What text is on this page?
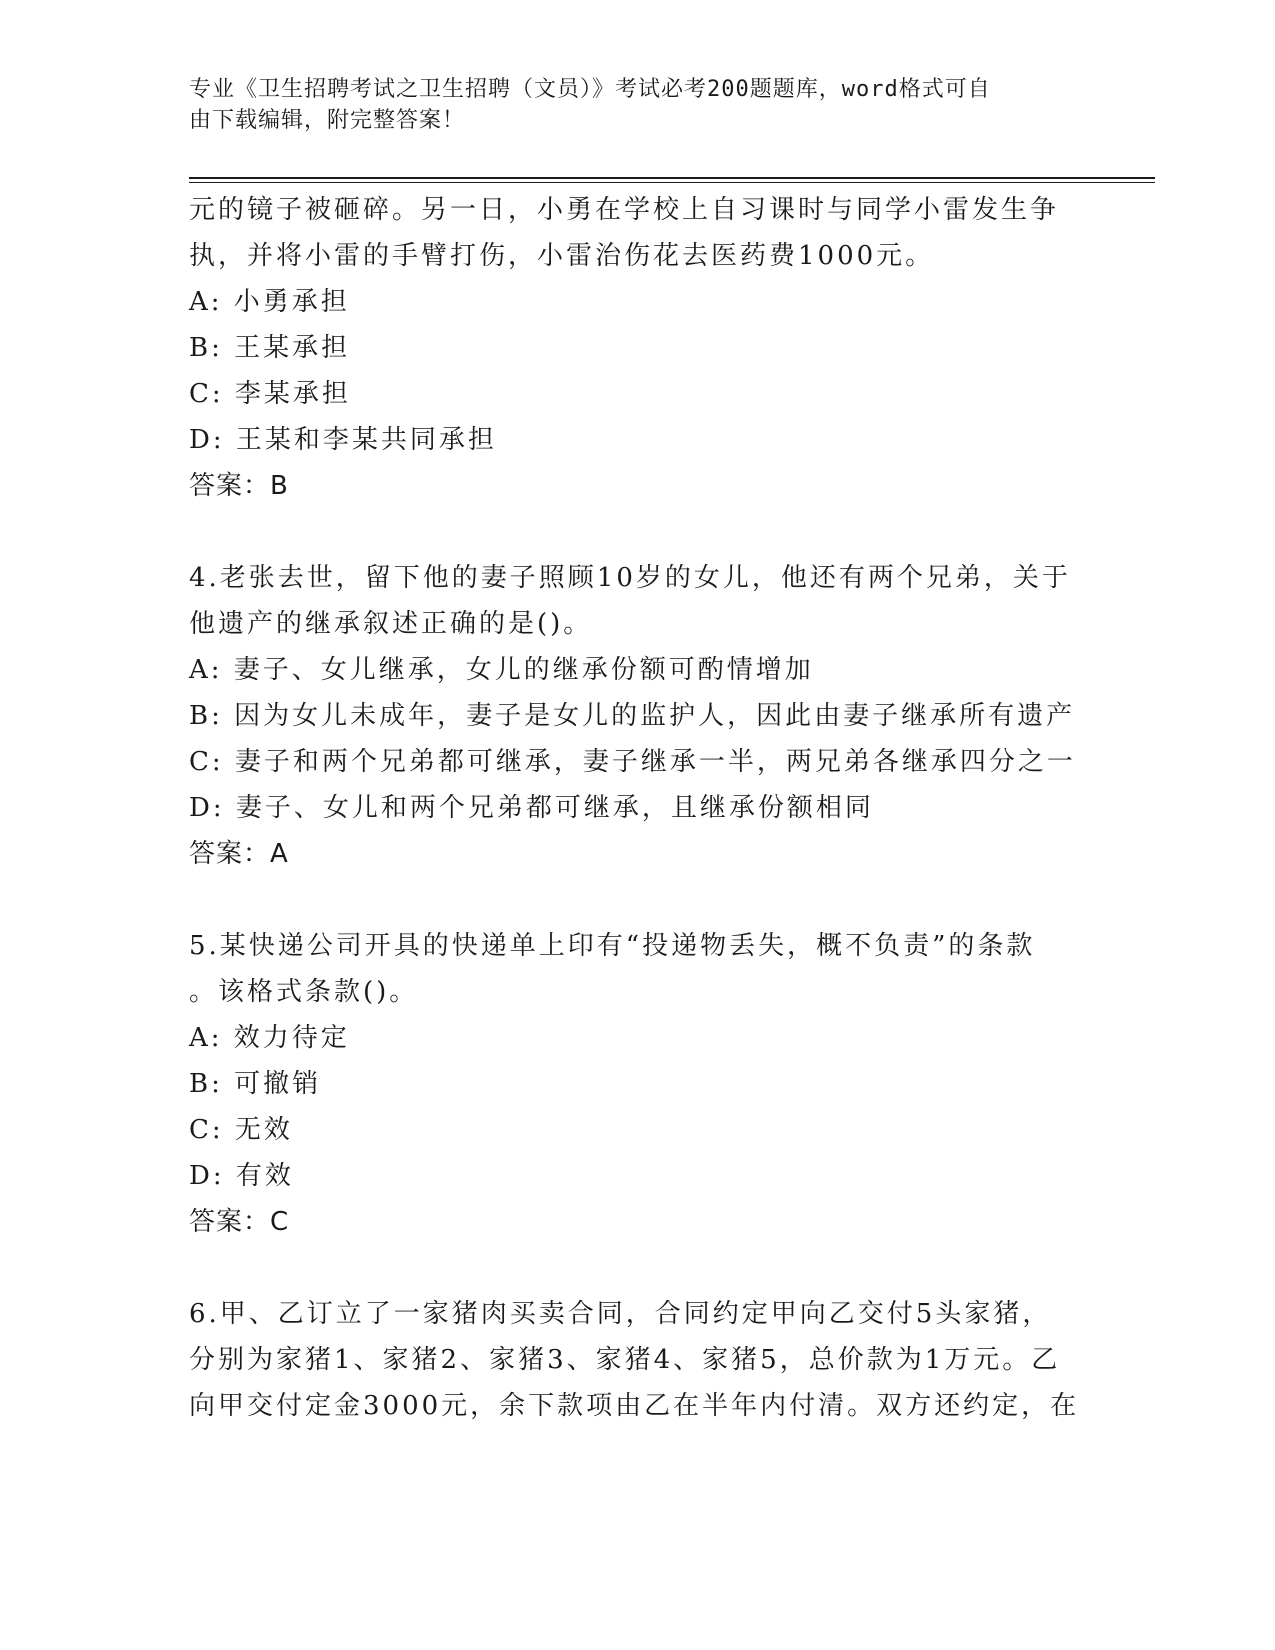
专业《卫生招聘考试之卫生招聘（文员）》考试必考200题题库，word格式可自
由下载编辑，附完整答案！
元的镜子被砸碎。另一日，小勇在学校上自习课时与同学小雷发生争
执，并将小雷的手臂打伤，小雷治伤花去医药费1000元。
A: 小勇承担
B: 王某承担
C: 李某承担
D: 王某和李某共同承担
答案：B
4.老张去世，留下他的妻子照顾10岁的女儿，他还有两个兄弟，关于
他遗产的继承叙述正确的是()。
A: 妻子、女儿继承，女儿的继承份额可酌情增加
B: 因为女儿未成年，妻子是女儿的监护人，因此由妻子继承所有遗产
C: 妻子和两个兄弟都可继承，妻子继承一半，两兄弟各继承四分之一
D: 妻子、女儿和两个兄弟都可继承，且继承份额相同
答案：A
5.某快递公司开具的快递单上印有“投递物丢失，概不负责”的条款
。该格式条款()。
A: 效力待定
B: 可撤销
C: 无效
D: 有效
答案：C
6.甲、乙订立了一家猪肉买卖合同，合同约定甲向乙交付5头家猪，
分别为家猪1、家猪2、家猪3、家猪4、家猪5，总价款为1万元。乙
向甲交付定金3000元，余下款项由乙在半年内付清。双方还约定，在
